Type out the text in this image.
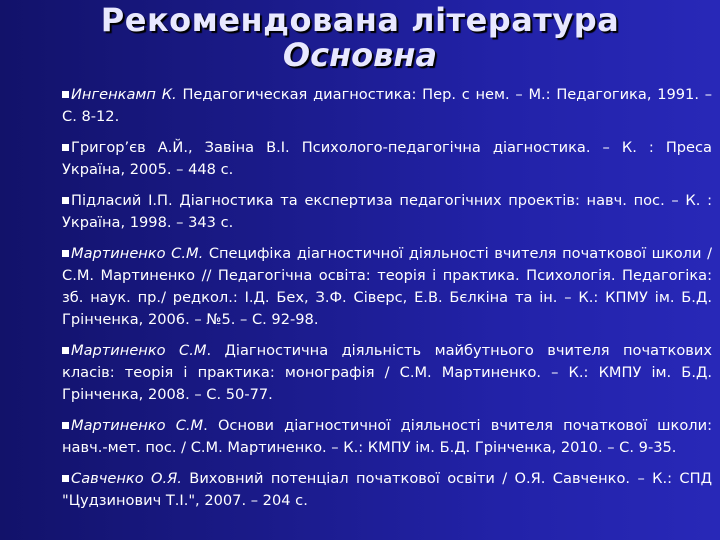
Рекомендована література
Основна
Ингенкамп К. Педагогическая диагностика: Пер. с нем. – М.: Педагогика, 1991. – С. 8-12.
Григор’єв А.Й., Завіна В.І. Психолого-педагогічна діагностика. – К. : Преса Україна, 2005. – 448 с.
Підласий І.П. Діагностика та експертиза педагогічних проектів: навч. пос. – К. : Україна, 1998. – 343 с.
Мартиненко С.М. Специфіка діагностичної діяльності вчителя початкової школи / С.М. Мартиненко // Педагогічна освіта: теорія і практика. Психологія. Педагогіка: зб. наук. пр./ редкол.: І.Д. Бех, З.Ф. Сіверс, Е.В. Бєлкіна та ін. – К.: КПМУ ім. Б.Д. Грінченка, 2006. – №5. – С. 92-98.
Мартиненко С.М. Діагностична діяльність майбутнього вчителя початкових класів: теорія і практика: монографія / С.М. Мартиненко. – К.: КМПУ ім. Б.Д. Грінченка, 2008. – С. 50-77.
Мартиненко С.М. Основи діагностичної діяльності вчителя початкової школи: навч.-мет. пос. / С.М. Мартиненко. – К.: КМПУ ім. Б.Д. Грінченка, 2010. – С. 9-35.
Савченко О.Я. Виховний потенціал початкової освіти / О.Я. Савченко. – К.: СПД "Цудзинович Т.І.", 2007. – 204 с.
